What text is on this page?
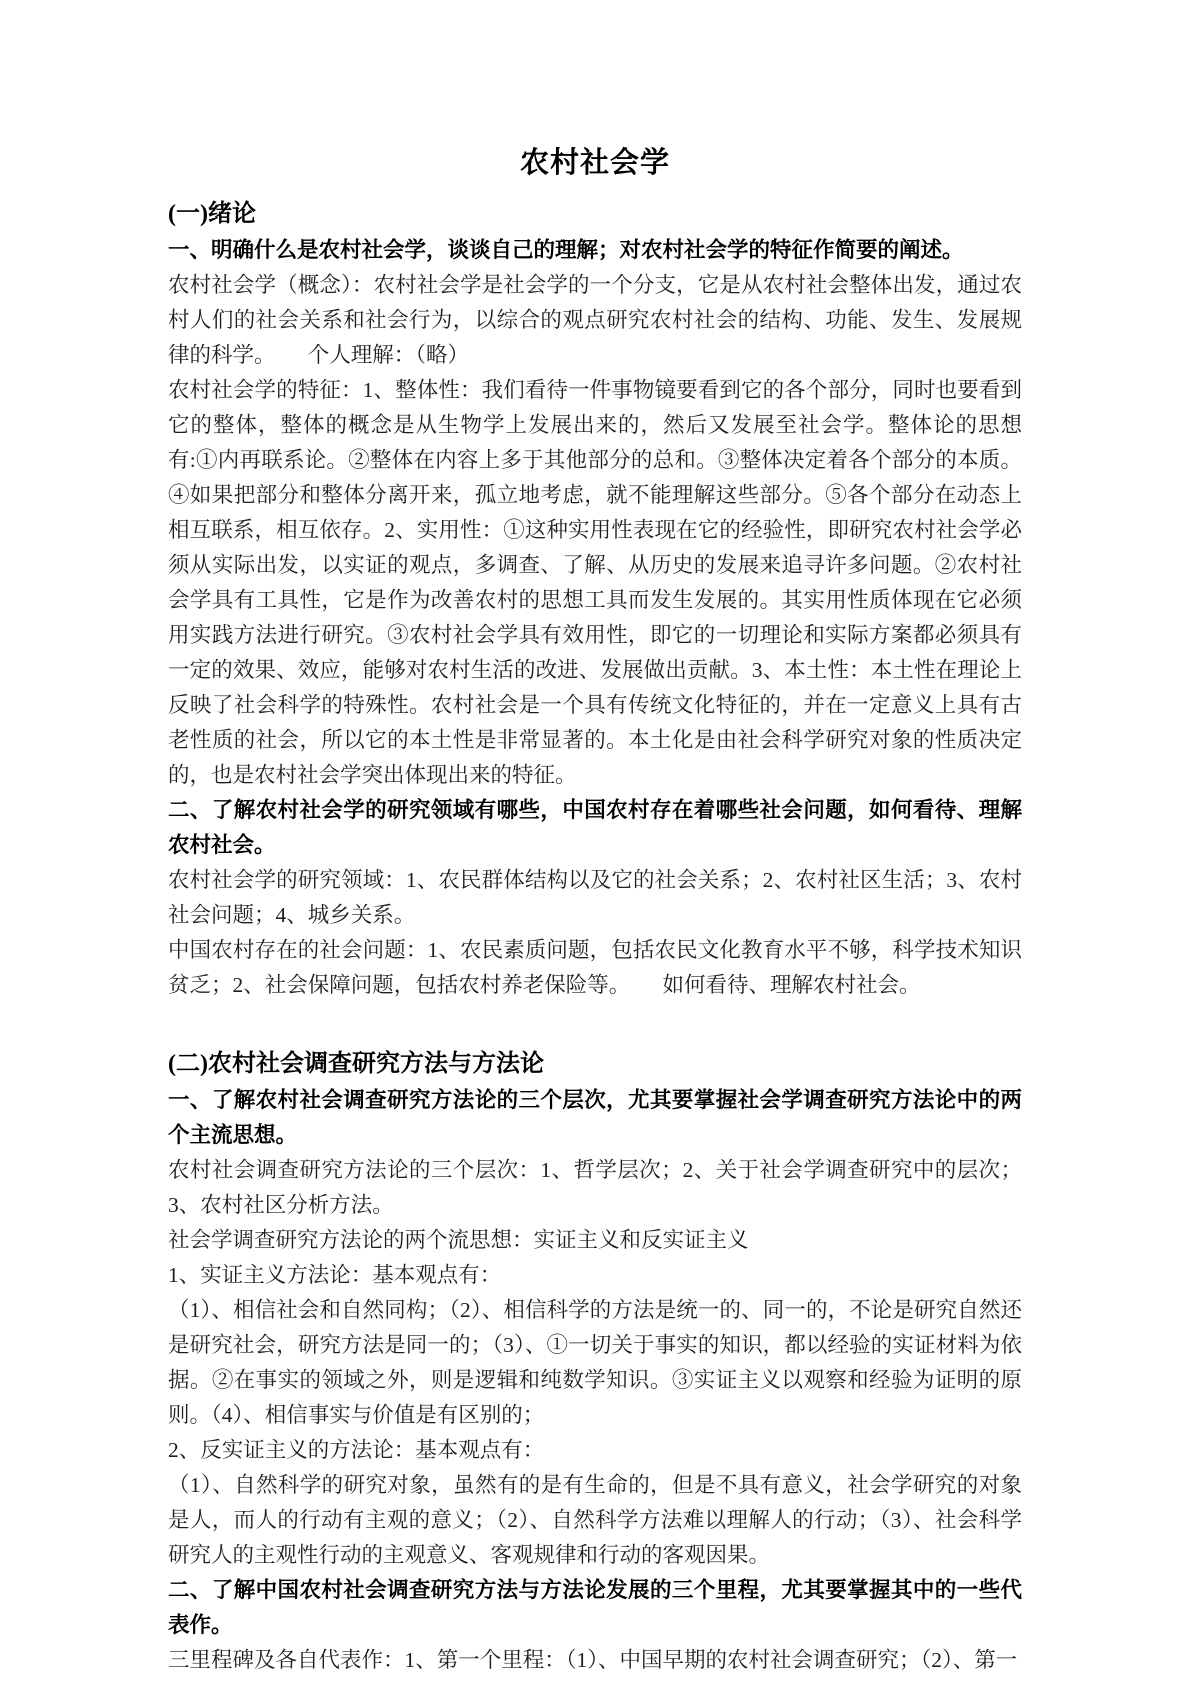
农村社会学
(一)绪论

一、明确什么是农村社会学，谈谈自己的理解；对农村社会学的特征作简要的阐述。

农村社会学（概念）：农村社会学是社会学的一个分支，它是从农村社会整体出发，通过农村人们的社会关系和社会行为，以综合的观点研究农村社会的结构、功能、发生、发展规律的科学。　　个人理解：（略）

农村社会学的特征：1、整体性：我们看待一件事物镜要看到它的各个部分，同时也要看到它的整体，整体的概念是从生物学上发展出来的，然后又发展至社会学。整体论的思想有:①内再联系论。②整体在内容上多于其他部分的总和。③整体决定着各个部分的本质。④如果把部分和整体分离开来，孤立地考虑，就不能理解这些部分。⑤各个部分在动态上相互联系，相互依存。2、实用性：①这种实用性表现在它的经验性，即研究农村社会学必须从实际出发，以实证的观点，多调查、了解、从历史的发展来追寻许多问题。②农村社会学具有工具性，它是作为改善农村的思想工具而发生发展的。其实用性质体现在它必须用实践方法进行研究。③农村社会学具有效用性，即它的一切理论和实际方案都必须具有一定的效果、效应，能够对农村生活的改进、发展做出贡献。3、本土性：本土性在理论上反映了社会科学的特殊性。农村社会是一个具有传统文化特征的，并在一定意义上具有古老性质的社会，所以它的本土性是非常显著的。本土化是由社会科学研究对象的性质决定的，也是农村社会学突出体现出来的特征。

二、了解农村社会学的研究领域有哪些，中国农村存在着哪些社会问题，如何看待、理解农村社会。

农村社会学的研究领域：1、农民群体结构以及它的社会关系；2、农村社区生活；3、农村社会问题；4、城乡关系。

中国农村存在的社会问题：1、农民素质问题，包括农民文化教育水平不够，科学技术知识贫乏；2、社会保障问题，包括农村养老保险等。　　如何看待、理解农村社会。

(二)农村社会调查研究方法与方法论

一、了解农村社会调查研究方法论的三个层次，尤其要掌握社会学调查研究方法论中的两个主流思想。

农村社会调查研究方法论的三个层次：1、哲学层次；2、关于社会学调查研究中的层次；3、农村社区分析方法。

社会学调查研究方法论的两个流思想：实证主义和反实证主义

1、实证主义方法论：基本观点有：

（1）、相信社会和自然同构；（2）、相信科学的方法是统一的、同一的，不论是研究自然还是研究社会，研究方法是同一的；（3）、①一切关于事实的知识，都以经验的实证材料为依据。②在事实的领域之外，则是逻辑和纯数学知识。③实证主义以观察和经验为证明的原则。（4）、相信事实与价值是有区别的；

2、反实证主义的方法论：基本观点有：

（1）、自然科学的研究对象，虽然有的是有生命的，但是不具有意义，社会学研究的对象是人，而人的行动有主观的意义；（2）、自然科学方法难以理解人的行动；（3）、社会科学研究人的主观性行动的主观意义、客观规律和行动的客观因果。

二、了解中国农村社会调查研究方法与方法论发展的三个里程，尤其要掌握其中的一些代表作。

三里程碑及各自代表作：1、第一个里程：（1）、中国早期的农村社会调查研究；（2）、第一
